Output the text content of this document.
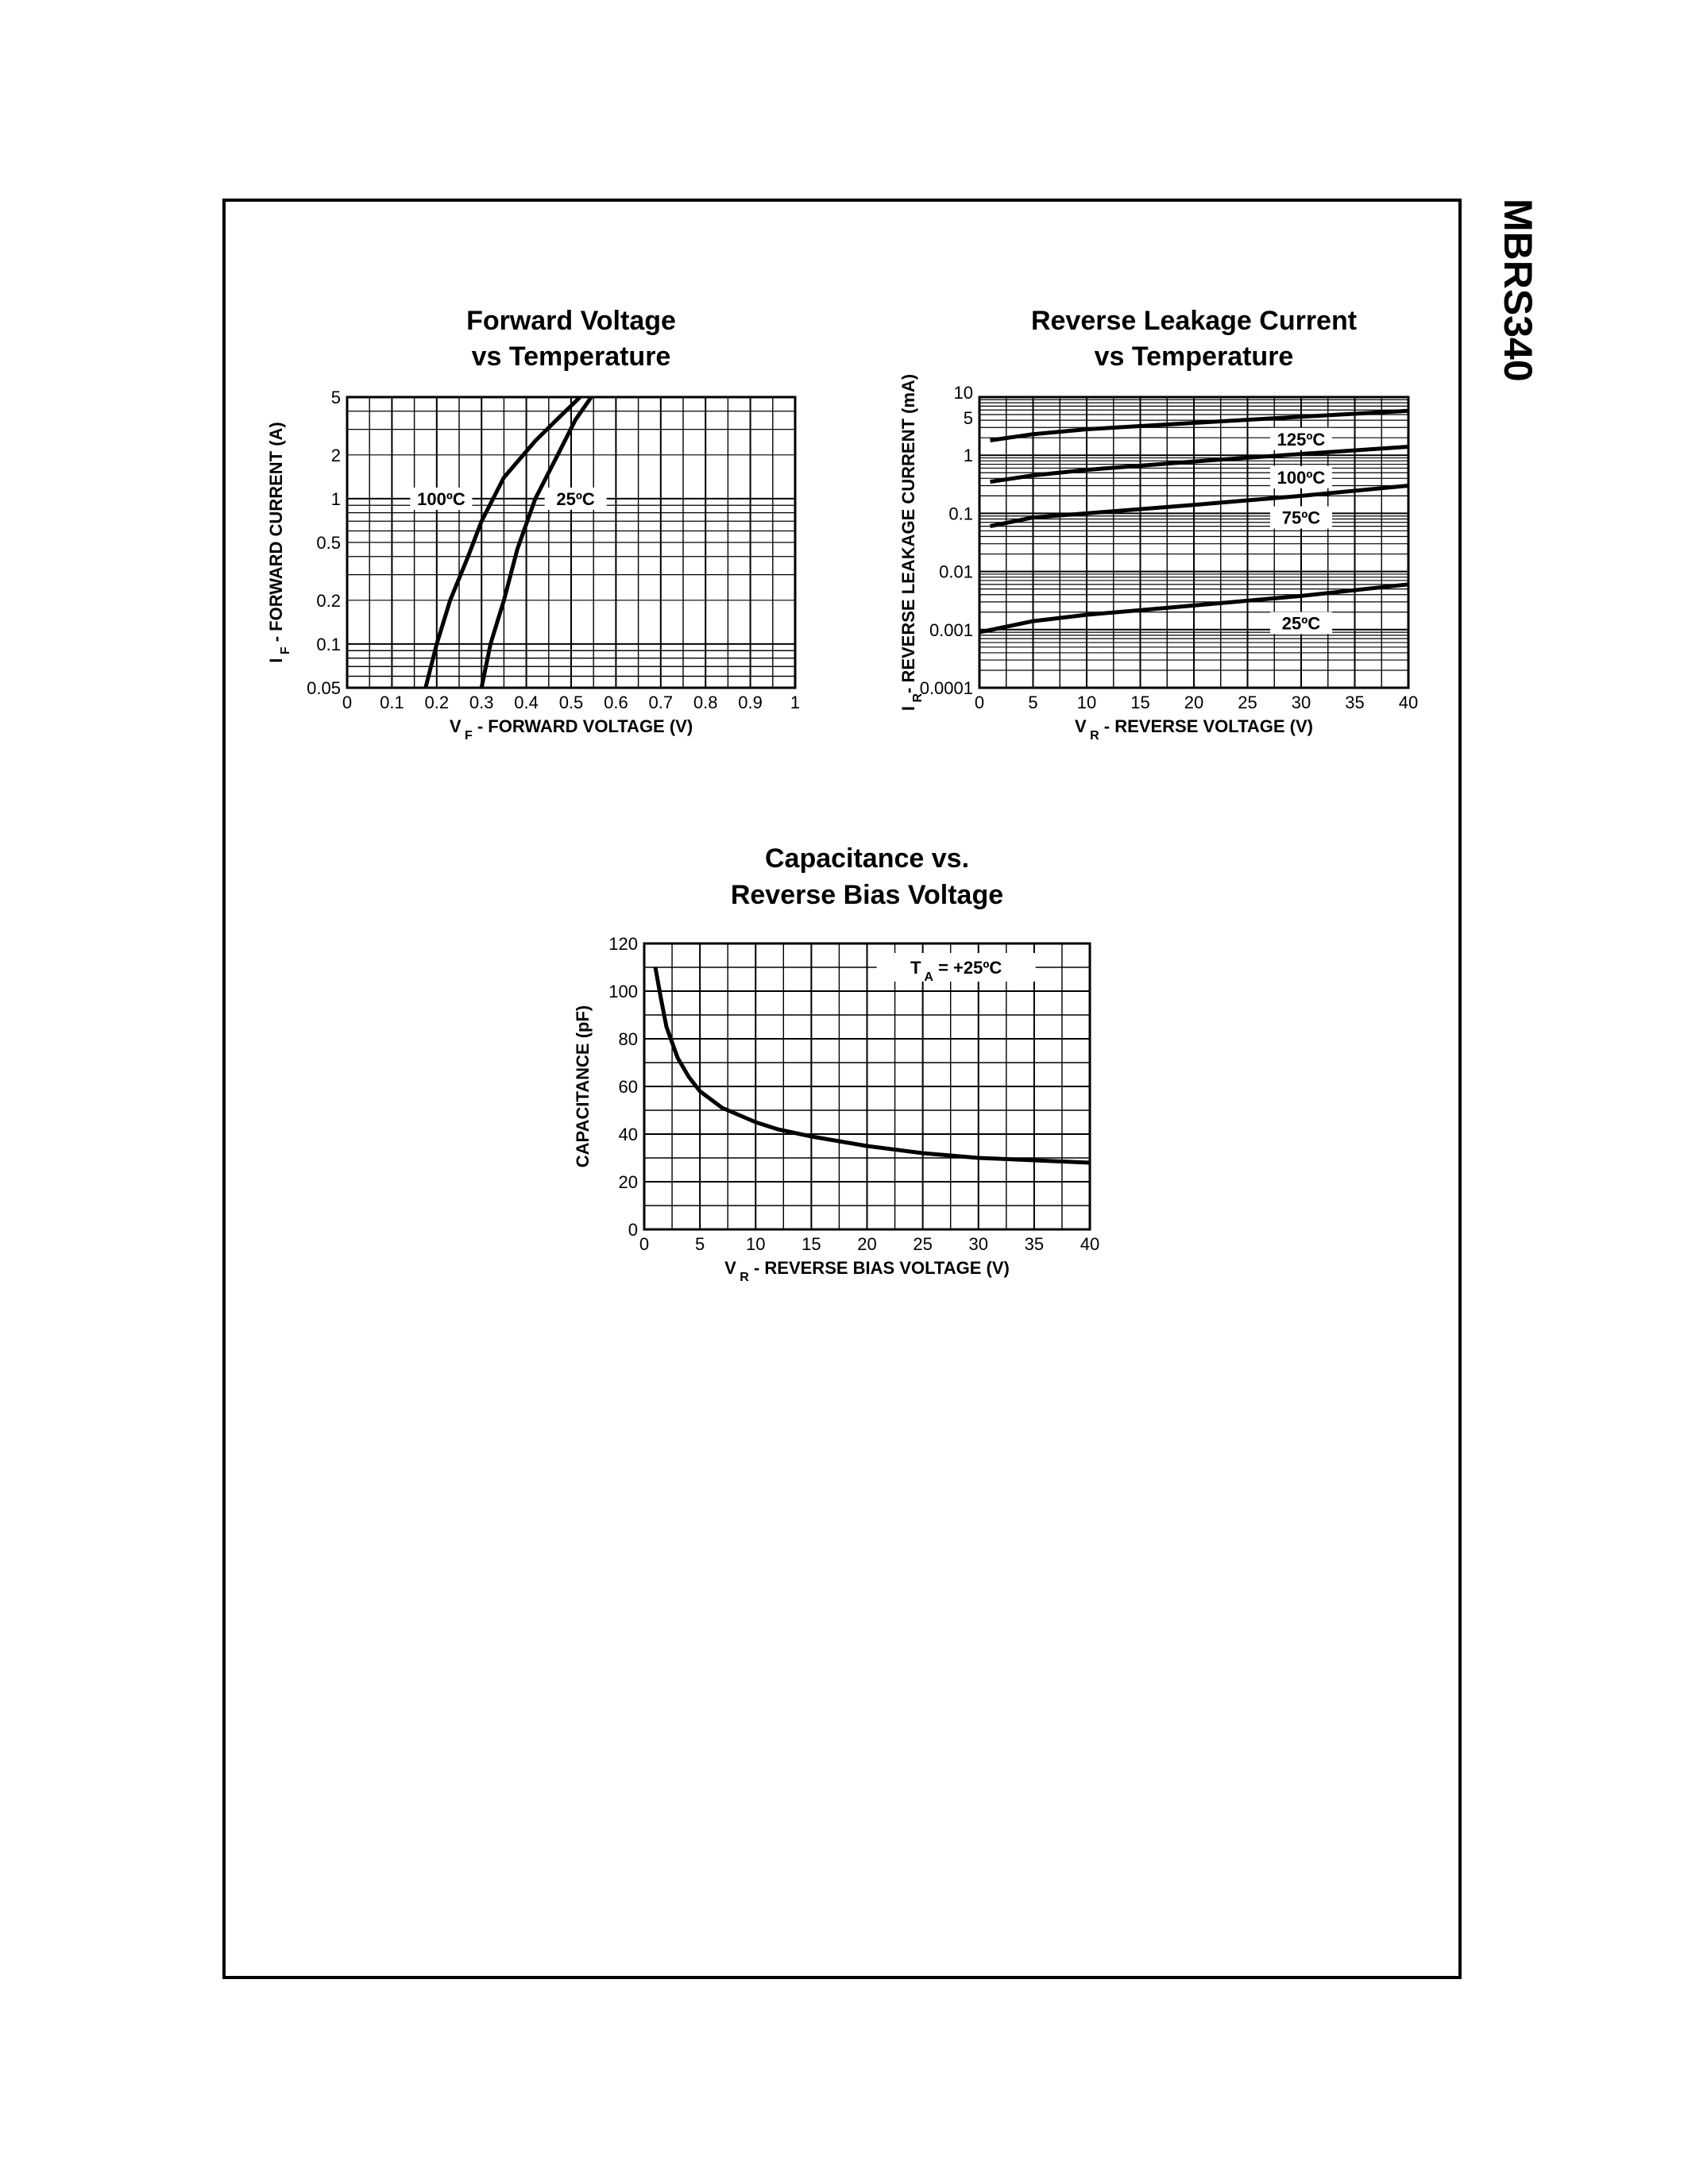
MBRS340
Forward Voltage
vs Temperature
0 0.1 0.2 0.3 0.4 0.5 0.6 0.7 0.8 0.9 1
0.05
0.1
0.2
0.5
1
2
5
V $_F$ - FORWARD VOLTAGE (V)
I $_F$ - FORWARD CURRENT (A)	100ºC	25ºC
Reverse Leakage Current
vs Temperature
0	5 10 15 20 25 30 35 40
0.0001
0.001
0.01
0.1
1
5
10
V $_R$ - REVERSE VOLTAGE (V)
I $_R$- REVERSE LEAKAGE CURRENT (mA)	125ºC
100ºC
75ºC
25ºC
Capacitance vs.
Reverse Bias Voltage
0	5 10 15 20 25 30 35 40
0
20
40
60
80
100
120
V $_R$ - REVERSE BIAS VOLTAGE (V)
CAPACITANCE (pF)
T $_A$ = +25ºC
